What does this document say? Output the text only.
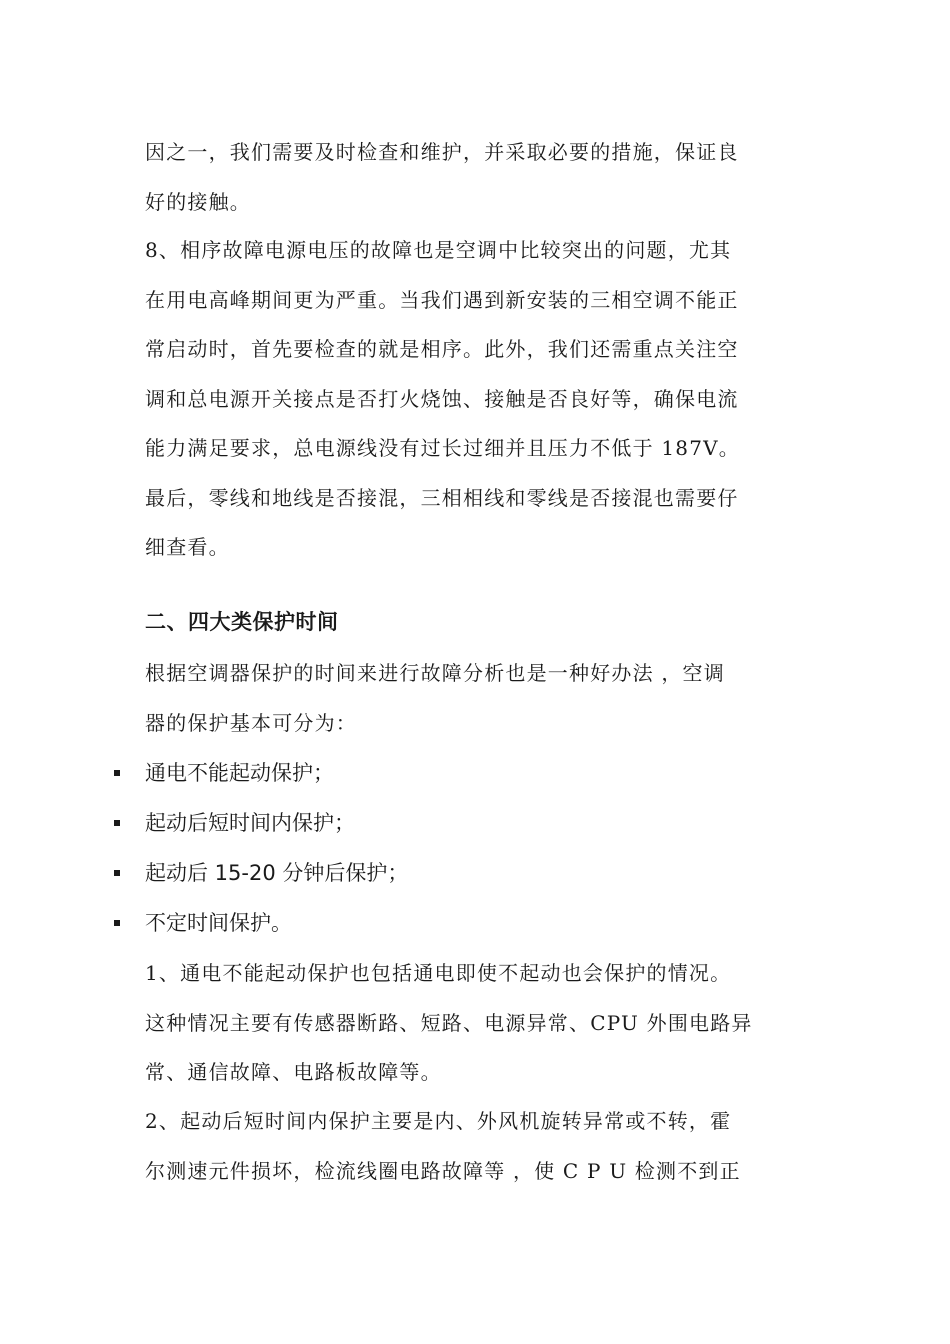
因之一，我们需要及时检查和维护，并采取必要的措施，保证良
好的接触。

8、相序故障电源电压的故障也是空调中比较突出的问题，尤其
在用电高峰期间更为严重。当我们遇到新安装的三相空调不能正
常启动时，首先要检查的就是相序。此外，我们还需重点关注空
调和总电源开关接点是否打火烧蚀、接触是否良好等，确保电流
能力满足要求，总电源线没有过长过细并且压力不低于 187V。
最后，零线和地线是否接混，三相相线和零线是否接混也需要仔
细查看。

二、四大类保护时间

根据空调器保护的时间来进行故障分析也是一种好办法 ，空调
器的保护基本可分为：

通电不能起动保护；
起动后短时间内保护；
起动后 15-20 分钟后保护；
不定时间保护。

1、通电不能起动保护也包括通电即使不起动也会保护的情况。
这种情况主要有传感器断路、短路、电源异常、CPU 外围电路异
常、通信故障、电路板故障等。

2、起动后短时间内保护主要是内、外风机旋转异常或不转，霍
尔测速元件损坏，检流线圈电路故障等 ，使 C P U 检测不到正
